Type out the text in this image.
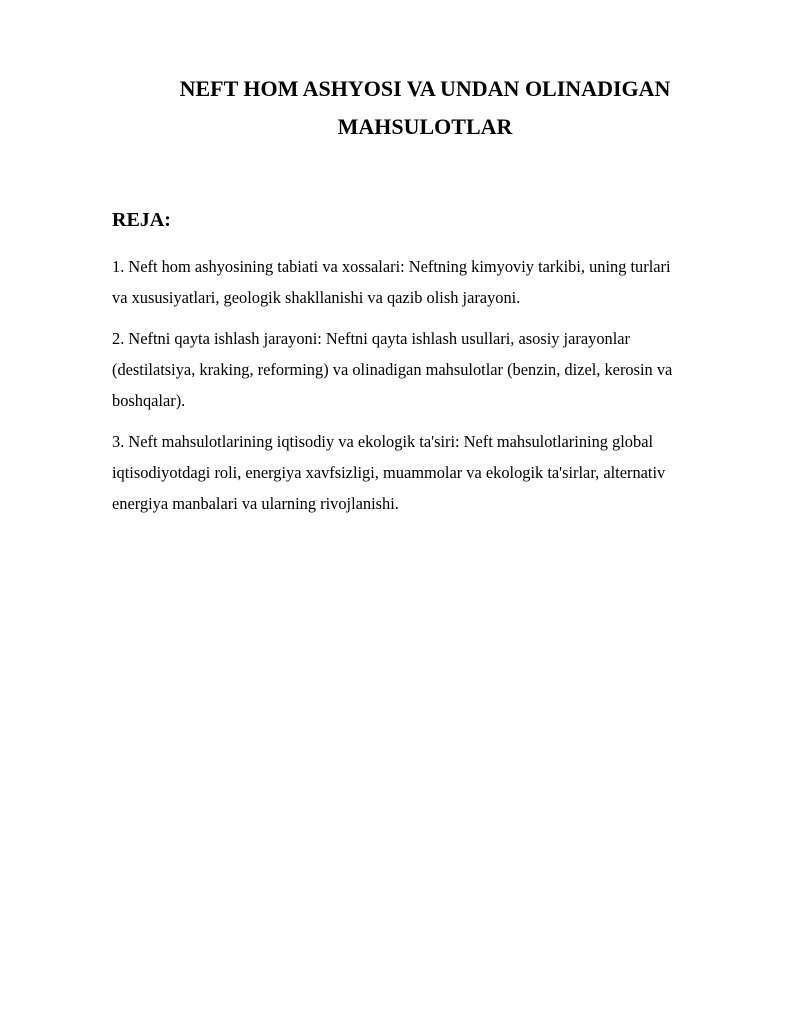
NEFT HOM ASHYOSI VA UNDAN OLINADIGAN
MAHSULOTLAR
REJA:

1. Neft hom ashyosining tabiati va xossalari: Neftning kimyoviy tarkibi, uning turlari
va xususiyatlari, geologik shakllanishi va qazib olish jarayoni.

2. Neftni qayta ishlash jarayoni: Neftni qayta ishlash usullari, asosiy jarayonlar
(destilatsiya, kraking, reforming) va olinadigan mahsulotlar (benzin, dizel, kerosin va
boshqalar).

3. Neft mahsulotlarining iqtisodiy va ekologik ta'siri: Neft mahsulotlarining global
iqtisodiyotdagi roli, energiya xavfsizligi, muammolar va ekologik ta'sirlar, alternativ
energiya manbalari va ularning rivojlanishi.
